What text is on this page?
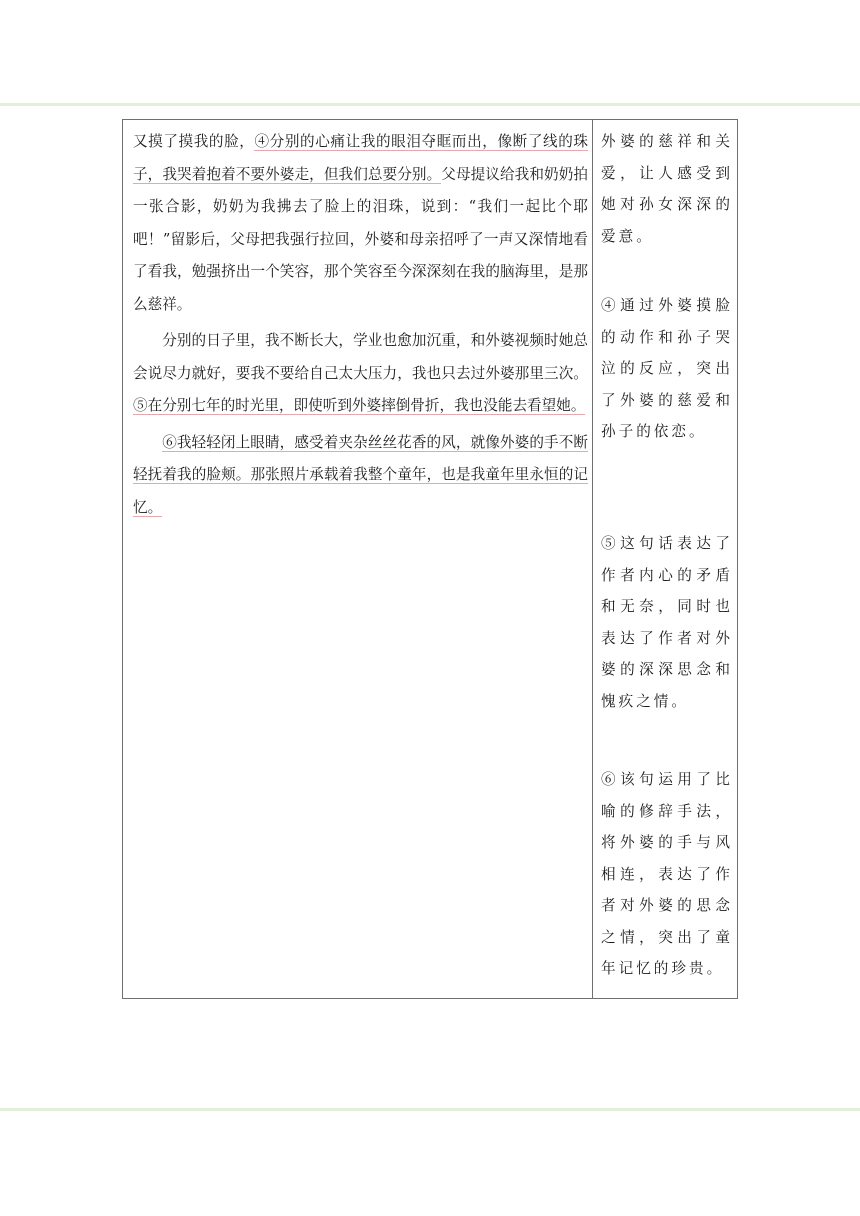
又摸了摸我的脸，④分别的心痛让我的眼泪夺眶而出，像断了线的珠子，我哭着抱着不要外婆走，但我们总要分别。父母提议给我和奶奶拍一张合影，奶奶为我拂去了脸上的泪珠，说到：“我们一起比个耶吧！”留影后，父母把我强行拉回，外婆和母亲招呼了一声又深情地看了看我，勉强挤出一个笑容，那个笑容至今深深刻在我的脑海里，是那么慈祥。

分别的日子里，我不断长大，学业也愈加沉重，和外婆视频时她总会说尽力就好，要我不要给自己太大压力，我也只去过外婆那里三次。⑤在分别七年的时光里，即使听到外婆摔倒骨折，我也没能去看望她。

⑥我轻轻闭上眼睛，感受着夹杂丝丝花香的风，就像外婆的手不断轻抚着我的脸颊。那张照片承载着我整个童年，也是我童年里永恒的记忆。

外婆的慈祥和关爱，让人感受到她对孙女深深的爱意。

④通过外婆摸脸的动作和孙子哭泣的反应，突出了外婆的慈爱和孙子的依恋。

⑤这句话表达了作者内心的矛盾和无奈，同时也表达了作者对外婆的深深思念和愧疚之情。

⑥该句运用了比喻的修辞手法，将外婆的手与风相连，表达了作者对外婆的思念之情，突出了童年记忆的珍贵。
